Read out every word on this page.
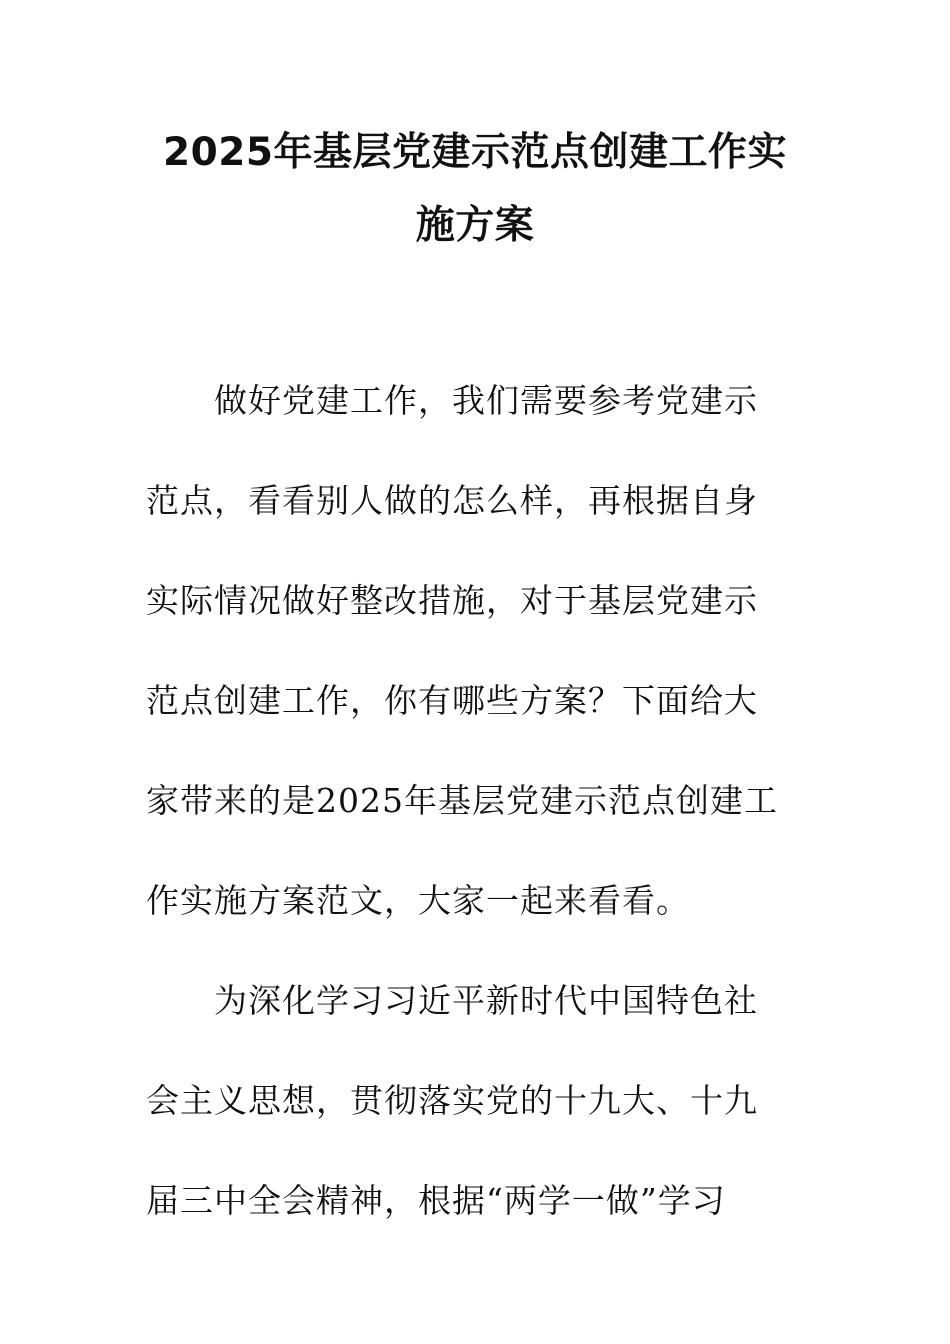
2025年基层党建示范点创建工作实
施方案
做好党建工作，我们需要参考党建示
范点，看看别人做的怎么样，再根据自身
实际情况做好整改措施，对于基层党建示
范点创建工作，你有哪些方案？下面给大
家带来的是2025年基层党建示范点创建工
作实施方案范文，大家一起来看看。
为深化学习习近平新时代中国特色社
会主义思想，贯彻落实党的十九大、十九
届三中全会精神，根据“两学一做”学习
